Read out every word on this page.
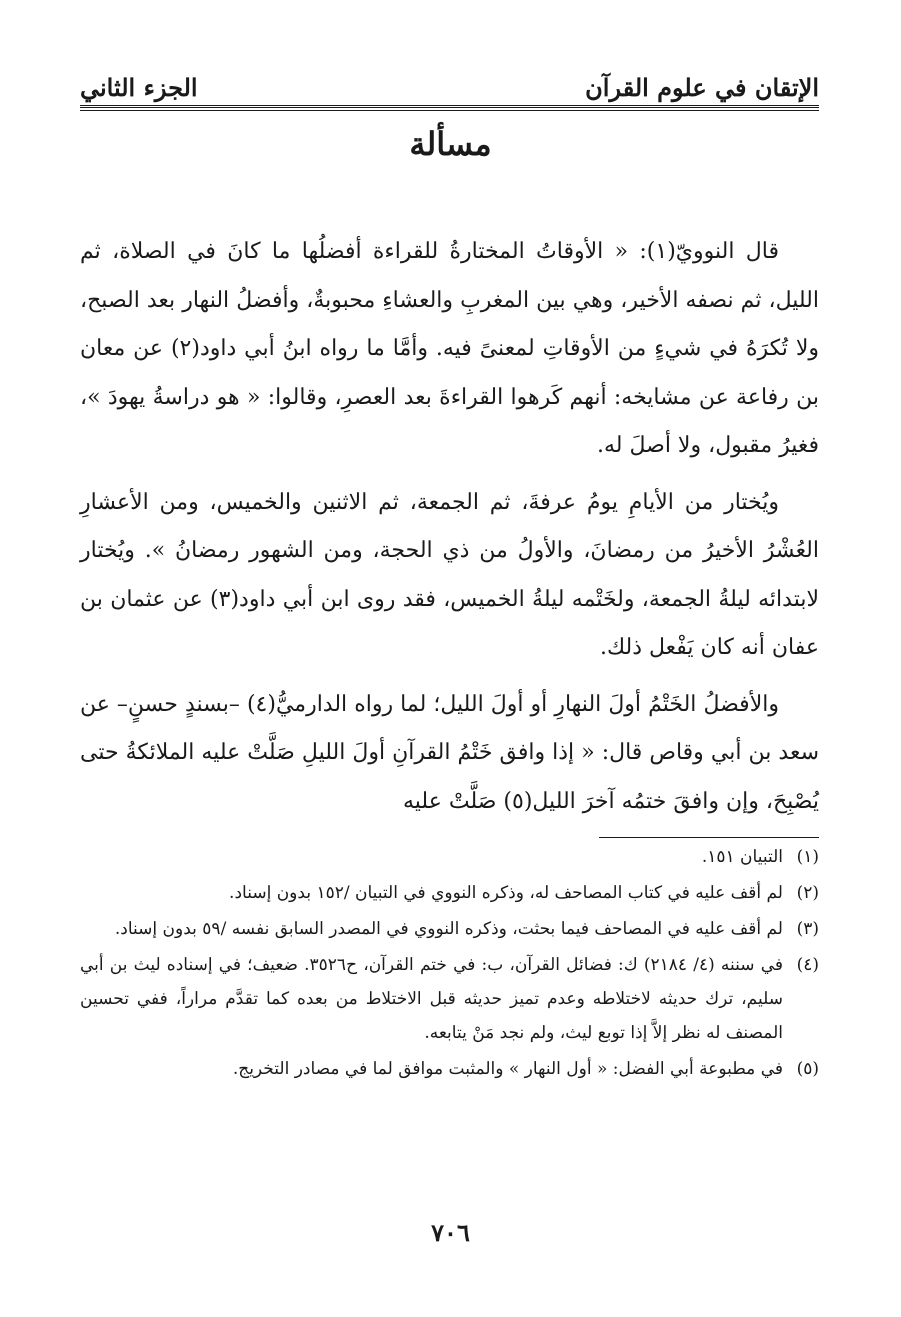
الإتقان في علوم القرآن
الجزء الثاني
مسألة

قال النوويّ(١): « الأوقاتُ المختارةُ للقراءة أفضلُها ما كانَ في الصلاة، ثم الليل، ثم نصفه الأخير، وهي بين المغربِ والعشاءِ محبوبةٌ، وأفضلُ النهار بعد الصبح، ولا تُكرَهُ في شيءٍ من الأوقاتِ لمعنىً فيه. وأمَّا ما رواه ابنُ أبي داود(٢) عن معان بن رفاعة عن مشايخه: أنهم كَرهوا القراءةَ بعد العصرِ، وقالوا: « هو دراسةُ يهودَ »، فغيرُ مقبول، ولا أصلَ له.

ويُختار من الأيامِ يومُ عرفةَ، ثم الجمعة، ثم الاثنين والخميس، ومن الأعشارِ العُشْرُ الأخيرُ من رمضانَ، والأولُ من ذي الحجة، ومن الشهور رمضانُ ». ويُختار لابتدائه ليلةُ الجمعة، ولخَتْمه ليلةُ الخميس، فقد روى ابن أبي داود(٣) عن عثمان بن عفان أنه كان يَفْعل ذلك.

والأفضلُ الخَتْمُ أولَ النهارِ أو أولَ الليل؛ لما رواه الدارميُّ(٤) –بسندٍ حسنٍ– عن سعد بن أبي وقاص قال: « إذا وافق خَتْمُ القرآنِ أولَ الليلِ صَلَّتْ عليه الملائكةُ حتى يُصْبِحَ، وإن وافقَ ختمُه آخرَ الليل(٥) صَلَّتْ عليه

(١)التبيان ١٥١.
(٢)لم أقف عليه في كتاب المصاحف له، وذكره النووي في التبيان /١٥٢ بدون إسناد.
(٣)لم أقف عليه في المصاحف فيما بحثت، وذكره النووي في المصدر السابق نفسه /٥٩ بدون إسناد.
(٤)في سننه (٤/ ٢١٨٤) ك: فضائل القرآن، ب: في ختم القرآن، ح٣٥٢٦. ضعيف؛ في إسناده ليث بن أبي سليم، ترك حديثه لاختلاطه وعدم تميز حديثه قبل الاختلاط من بعده كما تقدَّم مراراً، ففي تحسين المصنف له نظر إلاَّ إذا توبع ليث، ولم نجد مَنْ يتابعه.
(٥)في مطبوعة أبي الفضل: « أول النهار » والمثبت موافق لما في مصادر التخريج.
٧٠٦
